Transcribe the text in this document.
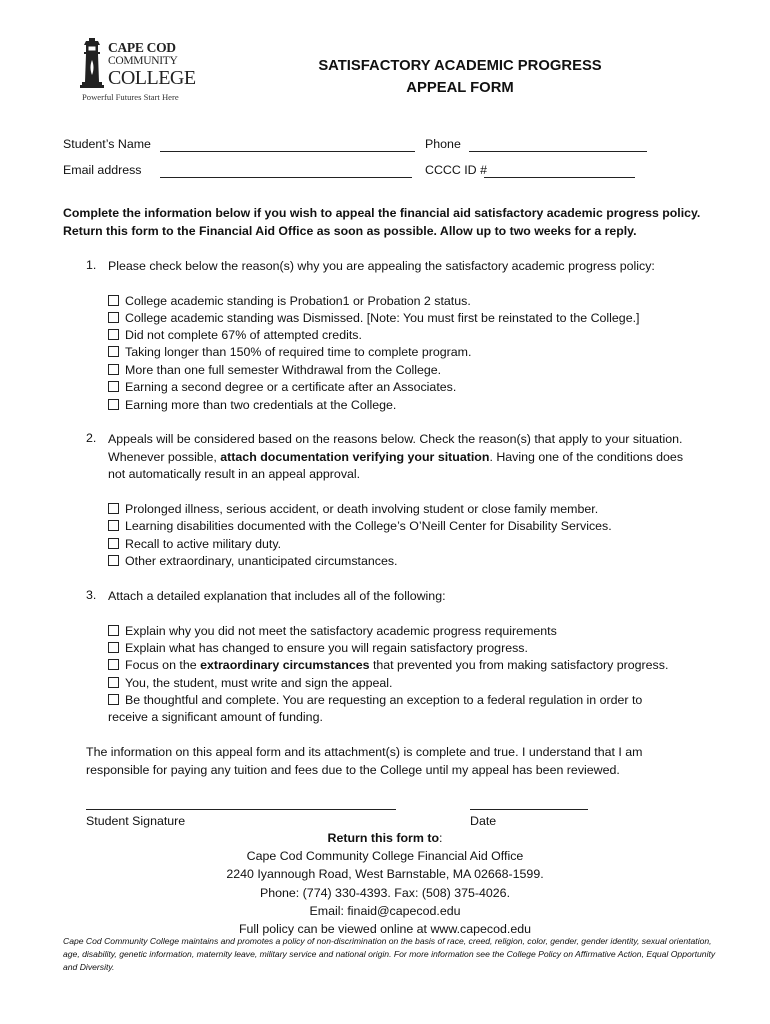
CAPE COD
COMMUNITY
COLLEGE
Powerful Futures Start Here
SATISFACTORY ACADEMIC PROGRESS
APPEAL FORM
Student’s Name	Phone
Email address	CCCC ID #
Complete the information below if you wish to appeal the financial aid satisfactory academic progress policy.
Return this form to the Financial Aid Office as soon as possible. Allow up to two weeks for a reply.
1. Please check below the reason(s) why you are appealing the satisfactory academic progress policy:
College academic standing is Probation1 or Probation 2 status.
College academic standing was Dismissed. [Note: You must first be reinstated to the College.]
Did not complete 67% of attempted credits.
Taking longer than 150% of required time to complete program.
More than one full semester Withdrawal from the College.
Earning a second degree or a certificate after an Associates.
Earning more than two credentials at the College.
2. Appeals will be considered based on the reasons below. Check the reason(s) that apply to your situation.
Whenever possible, attach documentation verifying your situation. Having one of the conditions does
not automatically result in an appeal approval.
Prolonged illness, serious accident, or death involving student or close family member.
Learning disabilities documented with the College’s O’Neill Center for Disability Services.
Recall to active military duty.
Other extraordinary, unanticipated circumstances.
3. Attach a detailed explanation that includes all of the following:
Explain why you did not meet the satisfactory academic progress requirements
Explain what has changed to ensure you will regain satisfactory progress.
Focus on the extraordinary circumstances that prevented you from making satisfactory progress.
You, the student, must write and sign the appeal.
Be thoughtful and complete. You are requesting an exception to a federal regulation in order to
receive a significant amount of funding.
The information on this appeal form and its attachment(s) is complete and true. I understand that I am
responsible for paying any tuition and fees due to the College until my appeal has been reviewed.
Student Signature	Date
Return this form to:
Cape Cod Community College Financial Aid Office
2240 Iyannough Road, West Barnstable, MA 02668-1599.
Phone: (774) 330-4393. Fax: (508) 375-4026.
Email: finaid@capecod.edu
Full policy can be viewed online at www.capecod.edu
Cape Cod Community College maintains and promotes a policy of non-discrimination on the basis of race, creed, religion, color, gender, gender identity, sexual orientation, age, disability, genetic information, maternity leave, military service and national origin. For more information see the College Policy on Affirmative Action, Equal Opportunity and Diversity.
